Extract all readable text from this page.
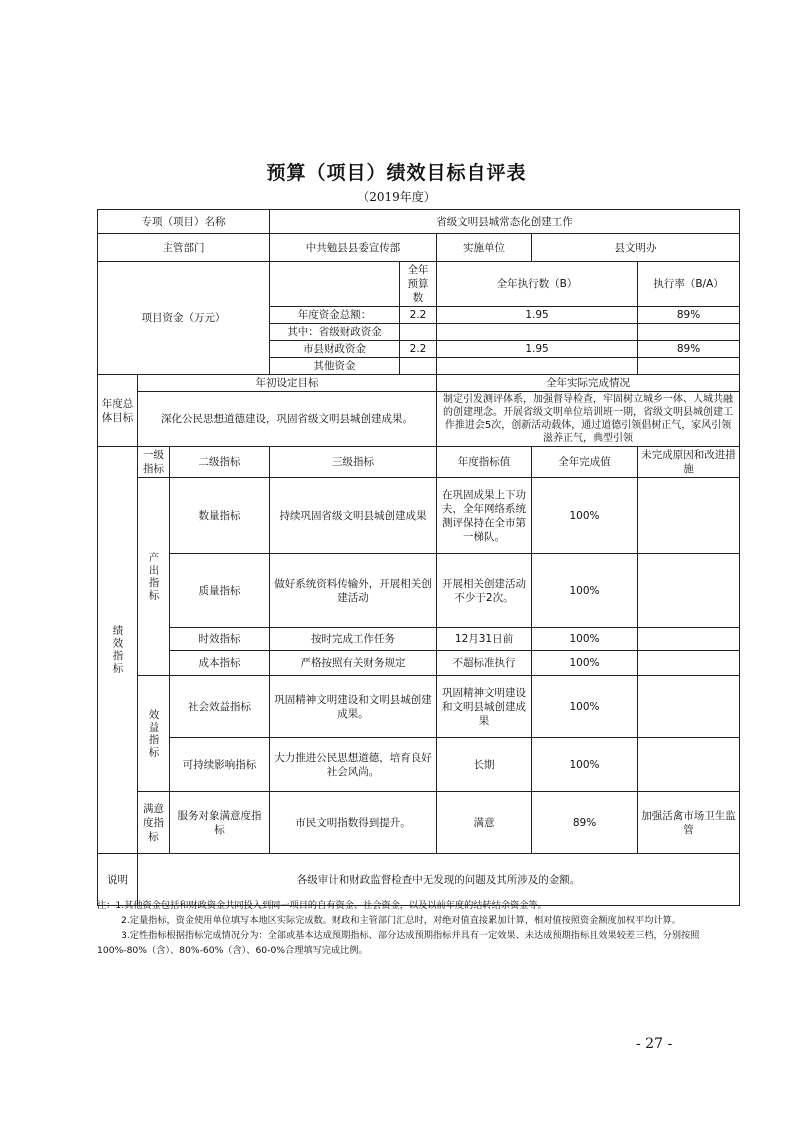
预算（项目）绩效目标自评表
（2019年度）
专项（项目）名称			省级文明县城常态化创建工作				
主管部门			中共勉县县委宣传部		实施单位	县文明办	
项目资金（万元）				全年预算数	全年执行数（B）		执行率（B/A）
			年度资金总额：	2.2	1.95		89%
			其中：省级财政资金				
			市县财政资金	2.2	1.95		89%
			其他资金				
年度总体目标	年初设定目标				全年实际完成情况		
	深化公民思想道德建设，巩固省级文明县城创建成果。				制定引发测评体系，加强督导检查，牢固树立城乡一体、人城共融的创建理念。开展省级文明单位培训班一期，省级文明县城创建工作推进会5次，创新活动载体，通过道德引领倡树正气，家风引领滋养正气，典型引领		
绩效指标	一级指标	二级指标	三级指标		年度指标值	全年完成值	未完成原因和改进措施
	产出指标	数量指标	持续巩固省级文明县城创建成果		在巩固成果上下功夫，全年网络系统测评保持在全市第一梯队。	100%	
		质量指标	做好系统资料传输外，开展相关创建活动		开展相关创建活动不少于2次。	100%	
		时效指标	按时完成工作任务		12月31日前	100%	
		成本指标	严格按照有关财务规定		不超标准执行	100%	
	效益指标	社会效益指标	巩固精神文明建设和文明县城创建成果。		巩固精神文明建设和文明县城创建成果	100%	
		可持续影响指标	大力推进公民思想道德，培育良好社会风尚。		长期	100%	
	满意度指标	服务对象满意度指标	市民文明指数得到提升。		满意	89%	加强活禽市场卫生监管
说明	各级审计和财政监督检查中无发现的问题及其所涉及的金额。						

注：1.其他资金包括和财政资金共同投入到同一项目的自有资金、社会资金，以及以前年度的结转结余资金等。

2.定量指标，资金使用单位填写本地区实际完成数。财政和主管部门汇总时，对绝对值直接累加计算，相对值按照资金额度加权平均计算。

3.定性指标根据指标完成情况分为：全部或基本达成预期指标、部分达成预期指标并具有一定效果、未达成预期指标且效果较差三档，分别按照100%-80%（含）、80%-60%（含）、60-0%合理填写完成比例。

- 27 -
